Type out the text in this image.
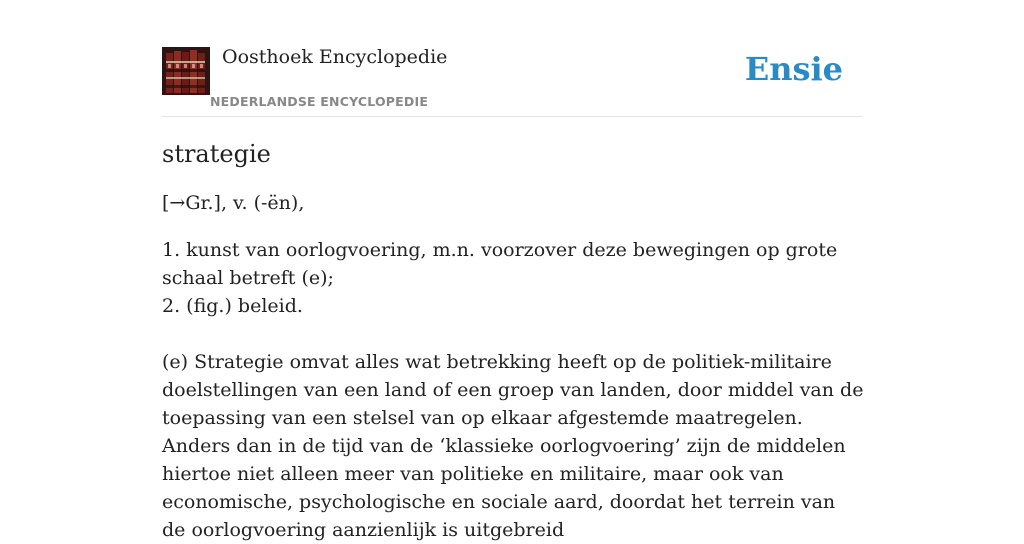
Oosthoek Encyclopedie
NEDERLANDSE ENCYCLOPEDIE
Ensie
strategie

[→Gr.], v. (-ën),

1. kunst van oorlogvoering, m.n. voorzover deze bewegingen op grote schaal betreft (e);
2. (fig.) beleid.

(e) Strategie omvat alles wat betrekking heeft op de politiek-militaire doelstellingen van een land of een groep van landen, door middel van de toepassing van een stelsel van op elkaar afgestemde maatregelen. Anders dan in de tijd van de ‘klassieke oorlogvoering’ zijn de middelen hiertoe niet alleen meer van politieke en militaire, maar ook van economische, psychologische en sociale aard, doordat het terrein van de oorlogvoering aanzienlijk is uitgebreid
